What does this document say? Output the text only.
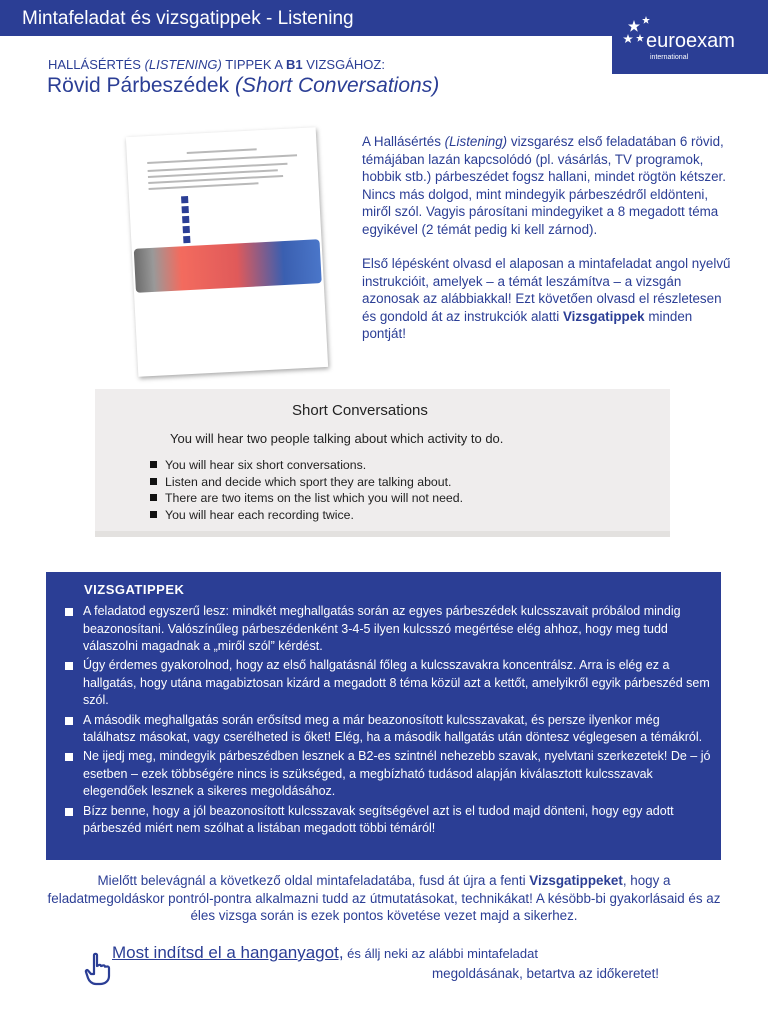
Mintafeladat és vizsgatippek - Listening
euroexam
international
HALLÁSÉRTÉS (LISTENING) TIPPEK A B1 VIZSGÁHOZ:
Rövid Párbeszédek (Short Conversations)

A Hallásértés (Listening) vizsgarész első feladatában 6 rövid, témájában lazán kapcsolódó (pl. vásárlás, TV programok, hobbik stb.) párbeszédet fogsz hallani, mindet rögtön kétszer. Nincs más dolgod, mint mindegyik párbeszédről eldönteni, miről szól. Vagyis párosítani mindegyiket a 8 megadott téma egyikével (2 témát pedig ki kell zárnod).

Első lépésként olvasd el alaposan a mintafeladat angol nyelvű instrukcióit, amelyek – a témát leszámítva – a vizsgán azonosak az alábbiakkal! Ezt követően olvasd el részletesen és gondold át az instrukciók alatti Vizsgatippek minden pontját!

Short Conversations
You will hear two people talking about which activity to do.
You will hear six short conversations.
Listen and decide which sport they are talking about.
There are two items on the list which you will not need.
You will hear each recording twice.
VIZSGATIPPEK
A feladatod egyszerű lesz: mindkét meghallgatás során az egyes párbeszédek kulcsszavait próbálod mindig beazonosítani. Valószínűleg párbeszédenként 3-4-5 ilyen kulcsszó megértése elég ahhoz, hogy meg tudd válaszolni magadnak a „miről szól” kérdést.
Úgy érdemes gyakorolnod, hogy az első hallgatásnál főleg a kulcsszavakra koncentrálsz. Arra is elég ez a hallgatás, hogy utána magabiztosan kizárd a megadott 8 téma közül azt a kettőt, amelyikről egyik párbeszéd sem szól.
A második meghallgatás során erősítsd meg a már beazonosított kulcsszavakat, és persze ilyenkor még találhatsz másokat, vagy cserélheted is őket! Elég, ha a második hallgatás után döntesz véglegesen a témákról.
Ne ijedj meg, mindegyik párbeszédben lesznek a B2-es szintnél nehezebb szavak, nyelvtani szerkezetek! De – jó esetben – ezek többségére nincs is szükséged, a megbízható tudásod alapján kiválasztott kulcsszavak elegendőek lesznek a sikeres megoldásához.
Bízz benne, hogy a jól beazonosított kulcsszavak segítségével azt is el tudod majd dönteni, hogy egy adott párbeszéd miért nem szólhat a listában megadott többi témáról!
Mielőtt belevágnál a következő oldal mintafeladatába, fusd át újra a fenti Vizsgatippeket, hogy a feladatmegoldáskor pontról-pontra alkalmazni tudd az útmutatásokat, technikákat! A késöbb-bi gyakorlásaid és az éles vizsga során is ezek pontos követése vezet majd a sikerhez.
Most indítsd el a hanganyagot, és állj neki az alábbi mintafeladat
megoldásának, betartva az időkeretet!
